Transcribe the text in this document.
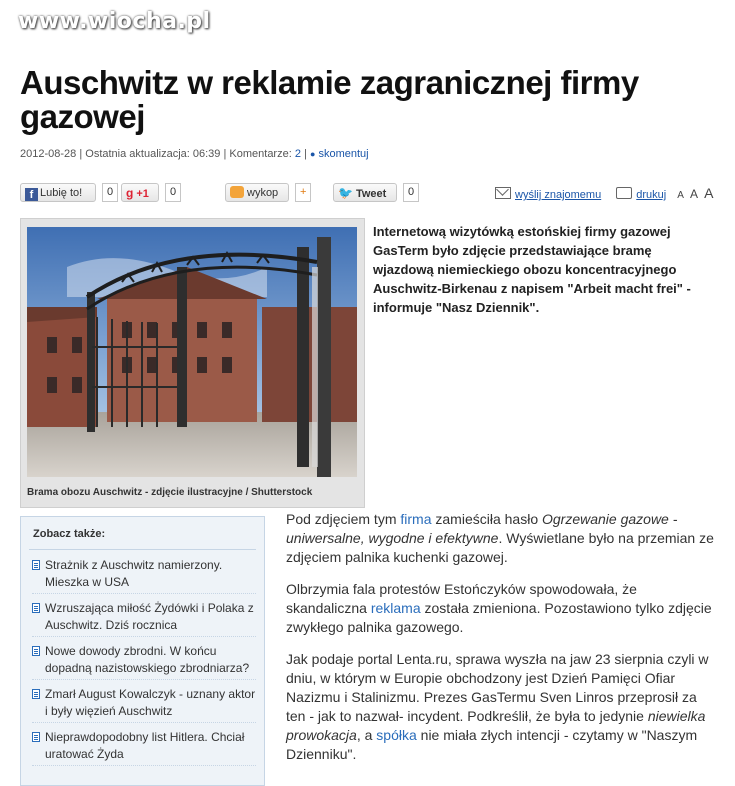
www.wiocha.pl
Auschwitz w reklamie zagranicznej firmy gazowej
2012-08-28 | Ostatnia aktualizacja: 06:39 | Komentarze: 2 | ● skomentuj
f Lubię to!	0	g +1	0	wykop	+	🐦 Tweet	0	wyślij znajomemu	drukuj A A A
Brama obozu Auschwitz - zdjęcie ilustracyjne / Shutterstock

Internetową wizytówką estońskiej firmy gazowej GasTerm było zdjęcie przedstawiające bramę wjazdową niemieckiego obozu koncentracyjnego Auschwitz-Birkenau z napisem "Arbeit macht frei" - informuje "Nasz Dziennik".

Zobacz także:
Strażnik z Auschwitz namierzony. Mieszka w USA
Wzruszająca miłość Żydówki i Polaka z Auschwitz. Dziś rocznica
Nowe dowody zbrodni. W końcu dopadną nazistowskiego zbrodniarza?
Zmarł August Kowalczyk - uznany aktor i były więzień Auschwitz
Nieprawdopodobny list Hitlera. Chciał uratować Żyda

Pod zdjęciem tym firma zamieściła hasło Ogrzewanie gazowe - uniwersalne, wygodne i efektywne. Wyświetlane było na przemian ze zdjęciem palnika kuchenki gazowej.

Olbrzymia fala protestów Estończyków spowodowała, że skandaliczna reklama została zmieniona. Pozostawiono tylko zdjęcie zwykłego palnika gazowego.

Jak podaje portal Lenta.ru, sprawa wyszła na jaw 23 sierpnia czyli w dniu, w którym w Europie obchodzony jest Dzień Pamięci Ofiar Nazizmu i Stalinizmu. Prezes GasTermu Sven Linros przeprosił za ten - jak to nazwał- incydent. Podkreślił, że była to jedynie niewielka prowokacja, a spółka nie miała złych intencji - czytamy w "Naszym Dzienniku".
